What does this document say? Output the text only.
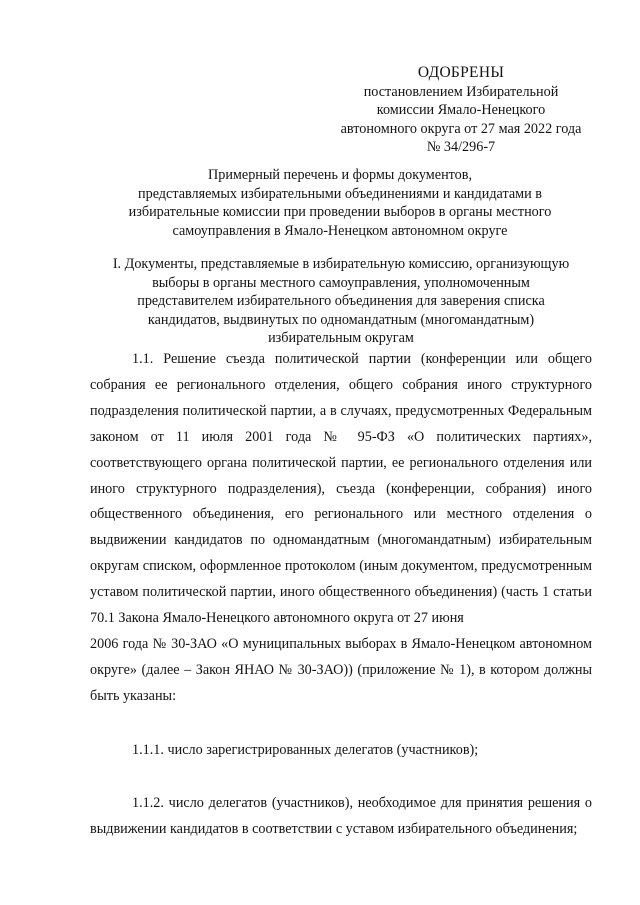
ОДОБРЕНЫ
постановлением Избирательной
комиссии Ямало-Ненецкого
автономного округа от 27 мая 2022 года
№ 34/296-7
Примерный перечень и формы документов,
представляемых избирательными объединениями и кандидатами в
избирательные комиссии при проведении выборов в органы местного
самоуправления в Ямало-Ненецком автономном округе
I. Документы, представляемые в избирательную комиссию, организующую
выборы в органы местного самоуправления, уполномоченным
представителем избирательного объединения для заверения списка
кандидатов, выдвинутых по одномандатным (многомандатным)
избирательным округам
1.1. Решение съезда политической партии (конференции или общего собрания ее регионального отделения, общего собрания иного структурного подразделения политической партии, а в случаях, предусмотренных Федеральным законом от 11 июля 2001 года № 95-ФЗ «О политических партиях», соответствующего органа политической партии, ее регионального отделения или иного структурного подразделения), съезда (конференции, собрания) иного общественного объединения, его регионального или местного отделения о выдвижении кандидатов по одномандатным (многомандатным) избирательным округам списком, оформленное протоколом (иным документом, предусмотренным уставом политической партии, иного общественного объединения) (часть 1 статьи 70.1 Закона Ямало-Ненецкого автономного округа от 27 июня
2006 года № 30-ЗАО «О муниципальных выборах в Ямало-Ненецком автономном округе» (далее – Закон ЯНАО № 30-ЗАО)) (приложение № 1), в котором должны быть указаны:
1.1.1. число зарегистрированных делегатов (участников);
1.1.2. число делегатов (участников), необходимое для принятия решения о выдвижении кандидатов в соответствии с уставом избирательного объединения;
